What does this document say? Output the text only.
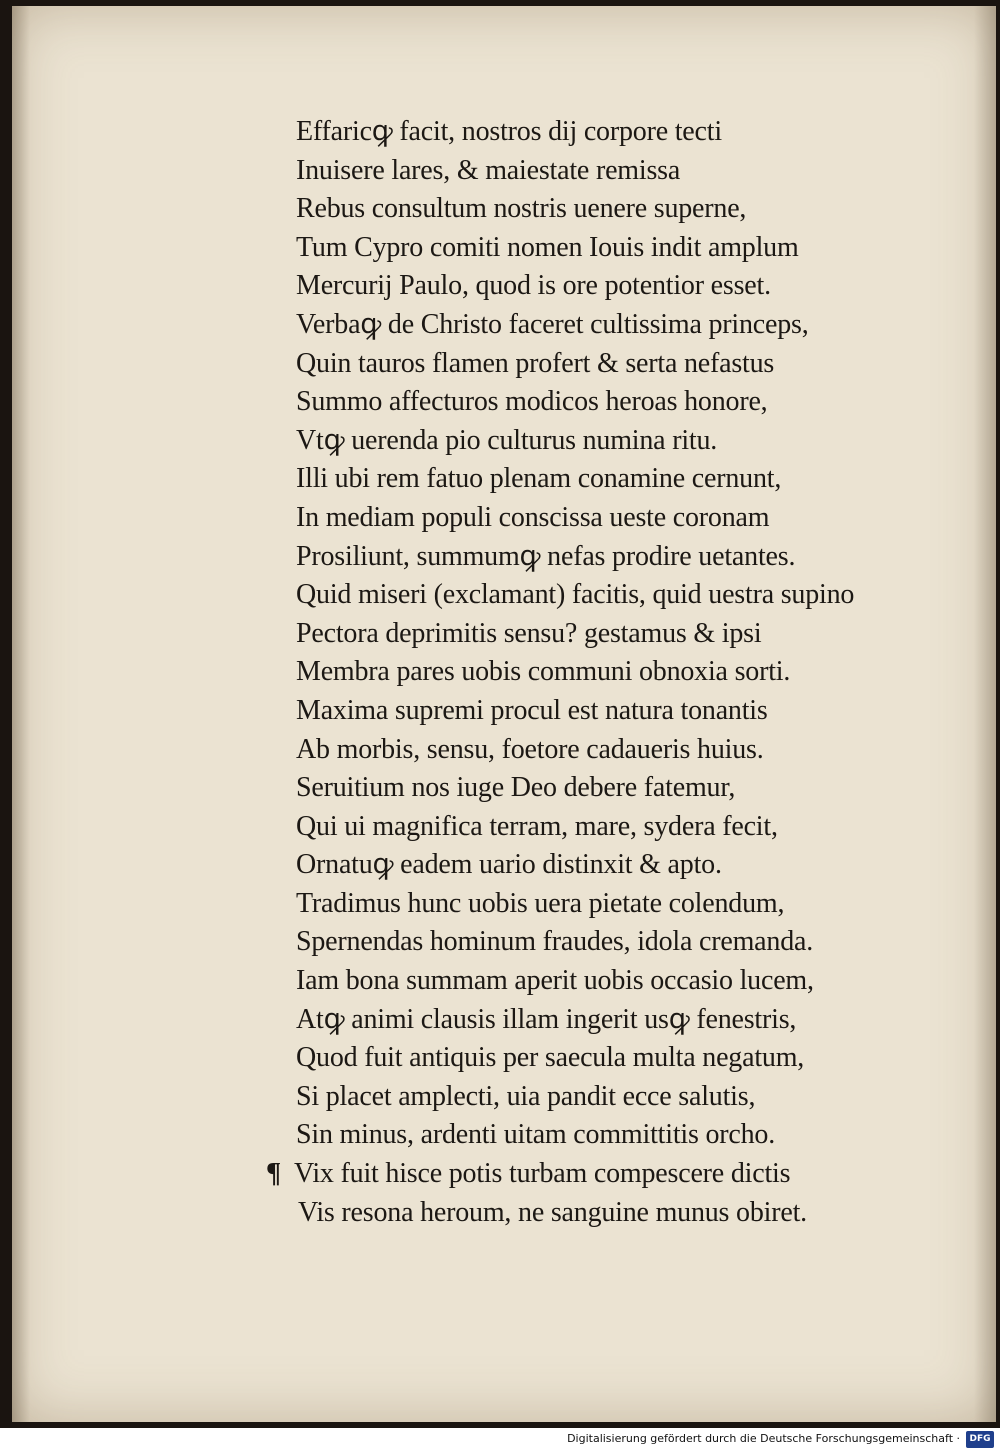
Effaricꝙ facit, nostros dij corpore tecti
Inuisere lares, & maiestate remissa
Rebus consultum nostris uenere superne,
Tum Cypro comiti nomen Iouis indit amplum
Mercurij Paulo, quod is ore potentior esset.
Verbaꝙ de Christo faceret cultissima princeps,
Quin tauros flamen profert & serta nefastus
Summo affecturos modicos heroas honore,
Vtꝙ uerenda pio culturus numina ritu.
Illi ubi rem fatuo plenam conamine cernunt,
In mediam populi conscissa ueste coronam
Prosiliunt, summumꝙ nefas prodire uetantes.
Quid miseri (exclamant) facitis, quid uestra supino
Pectora deprimitis sensu? gestamus & ipsi
Membra pares uobis communi obnoxia sorti.
Maxima supremi procul est natura tonantis
Ab morbis, sensu, foetore cadaueris huius.
Seruitium nos iuge Deo debere fatemur,
Qui ui magnifica terram, mare, sydera fecit,
Ornatuꝙ eadem uario distinxit & apto.
Tradimus hunc uobis uera pietate colendum,
Spernendas hominum fraudes, idola cremanda.
Iam bona summam aperit uobis occasio lucem,
Atꝙ animi clausis illam ingerit usꝙ fenestris,
Quod fuit antiquis per saecula multa negatum,
Si placet amplecti, uia pandit ecce salutis,
Sin minus, ardenti uitam committitis orcho.
¶ Vix fuit hisce potis turbam compescere dictis
Vis resona heroum, ne sanguine munus obiret.
Digitalisierung gefördert durch die Deutsche Forschungsgemeinschaft ·	DFG
